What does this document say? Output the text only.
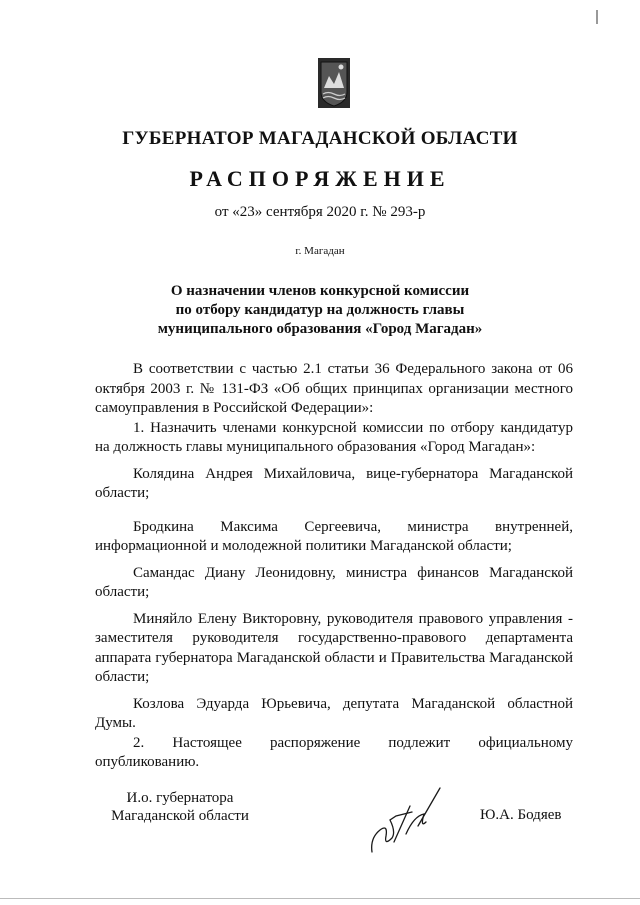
ГУБЕРНАТОР МАГАДАНСКОЙ ОБЛАСТИ
РАСПОРЯЖЕНИЕ
от «23» сентября 2020 г. № 293-р
г. Магадан
О назначении членов конкурсной комиссии
по отбору кандидатур на должность главы
муниципального образования «Город Магадан»

В соответствии с частью 2.1 статьи 36 Федерального закона от 06 октября 2003 г. № 131-ФЗ «Об общих принципах организации местного самоуправления в Российской Федерации»:

1. Назначить членами конкурсной комиссии по отбору кандидатур на должность главы муниципального образования «Город Магадан»:

Колядина Андрея Михайловича, вице-губернатора Магаданской области;

Бродкина Максима Сергеевича, министра внутренней, информационной и молодежной политики Магаданской области;

Самандас Диану Леонидовну, министра финансов Магаданской области;

Миняйло Елену Викторовну, руководителя правового управления - заместителя руководителя государственно-правового департамента аппарата губернатора Магаданской области и Правительства Магаданской области;

Козлова Эдуарда Юрьевича, депутата Магаданской областной Думы.

2. Настоящее распоряжение подлежит официальному опубликованию.

И.о. губернатора
Магаданской области	Ю.А. Бодяев
